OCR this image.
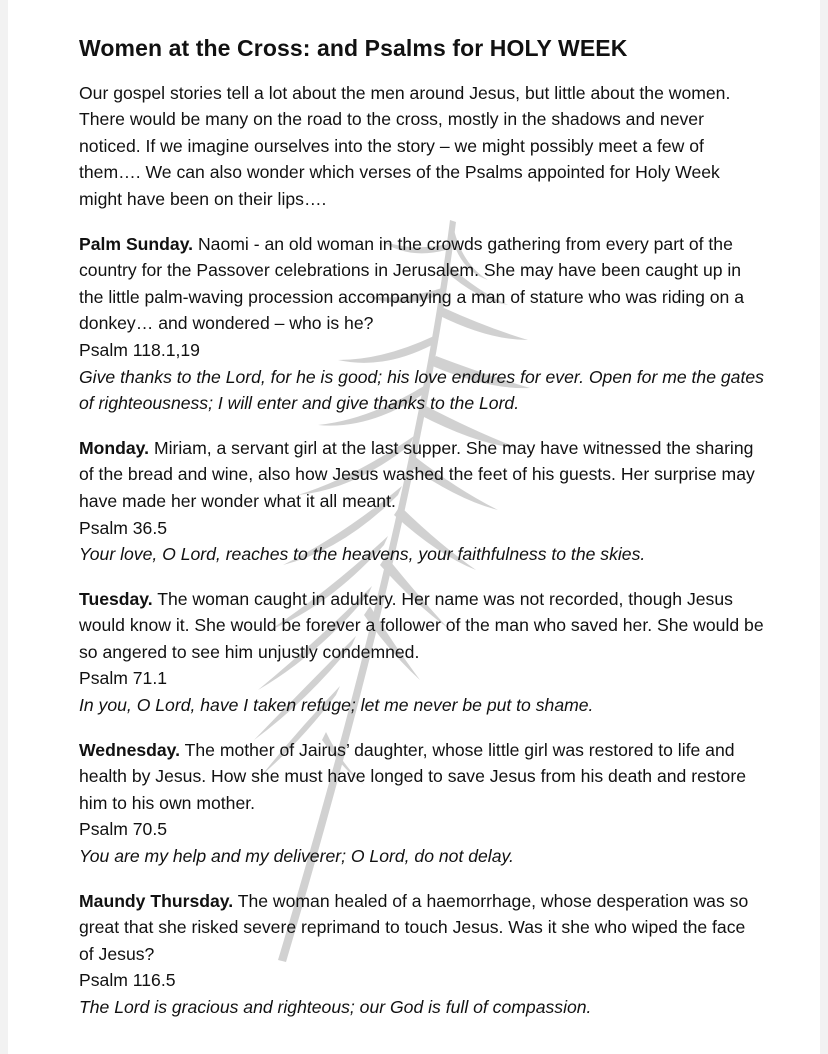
Women at the Cross: and Psalms for HOLY WEEK

Our gospel stories tell a lot about the men around Jesus, but little about the women. There would be many on the road to the cross, mostly in the shadows and never noticed. If we imagine ourselves into the story – we might possibly meet a few of them…. We can also wonder which verses of the Psalms appointed for Holy Week might have been on their lips….

Palm Sunday. Naomi - an old woman in the crowds gathering from every part of the country for the Passover celebrations in Jerusalem. She may have been caught up in the little palm-waving procession accompanying a man of stature who was riding on a donkey… and wondered – who is he?
Psalm 118.1,19
Give thanks to the Lord, for he is good; his love endures for ever. Open for me the gates of righteousness; I will enter and give thanks to the Lord.
Monday. Miriam, a servant girl at the last supper. She may have witnessed the sharing of the bread and wine, also how Jesus washed the feet of his guests. Her surprise may have made her wonder what it all meant.
Psalm 36.5
Your love, O Lord, reaches to the heavens, your faithfulness to the skies.
Tuesday. The woman caught in adultery. Her name was not recorded, though Jesus would know it. She would be forever a follower of the man who saved her. She would be so angered to see him unjustly condemned.
Psalm 71.1
In you, O Lord, have I taken refuge; let me never be put to shame.
Wednesday. The mother of Jairus’ daughter, whose little girl was restored to life and health by Jesus. How she must have longed to save Jesus from his death and restore him to his own mother.
Psalm 70.5
You are my help and my deliverer; O Lord, do not delay.
Maundy Thursday. The woman healed of a haemorrhage, whose desperation was so great that she risked severe reprimand to touch Jesus. Was it she who wiped the face of Jesus?
Psalm 116.5
The Lord is gracious and righteous; our God is full of compassion.
